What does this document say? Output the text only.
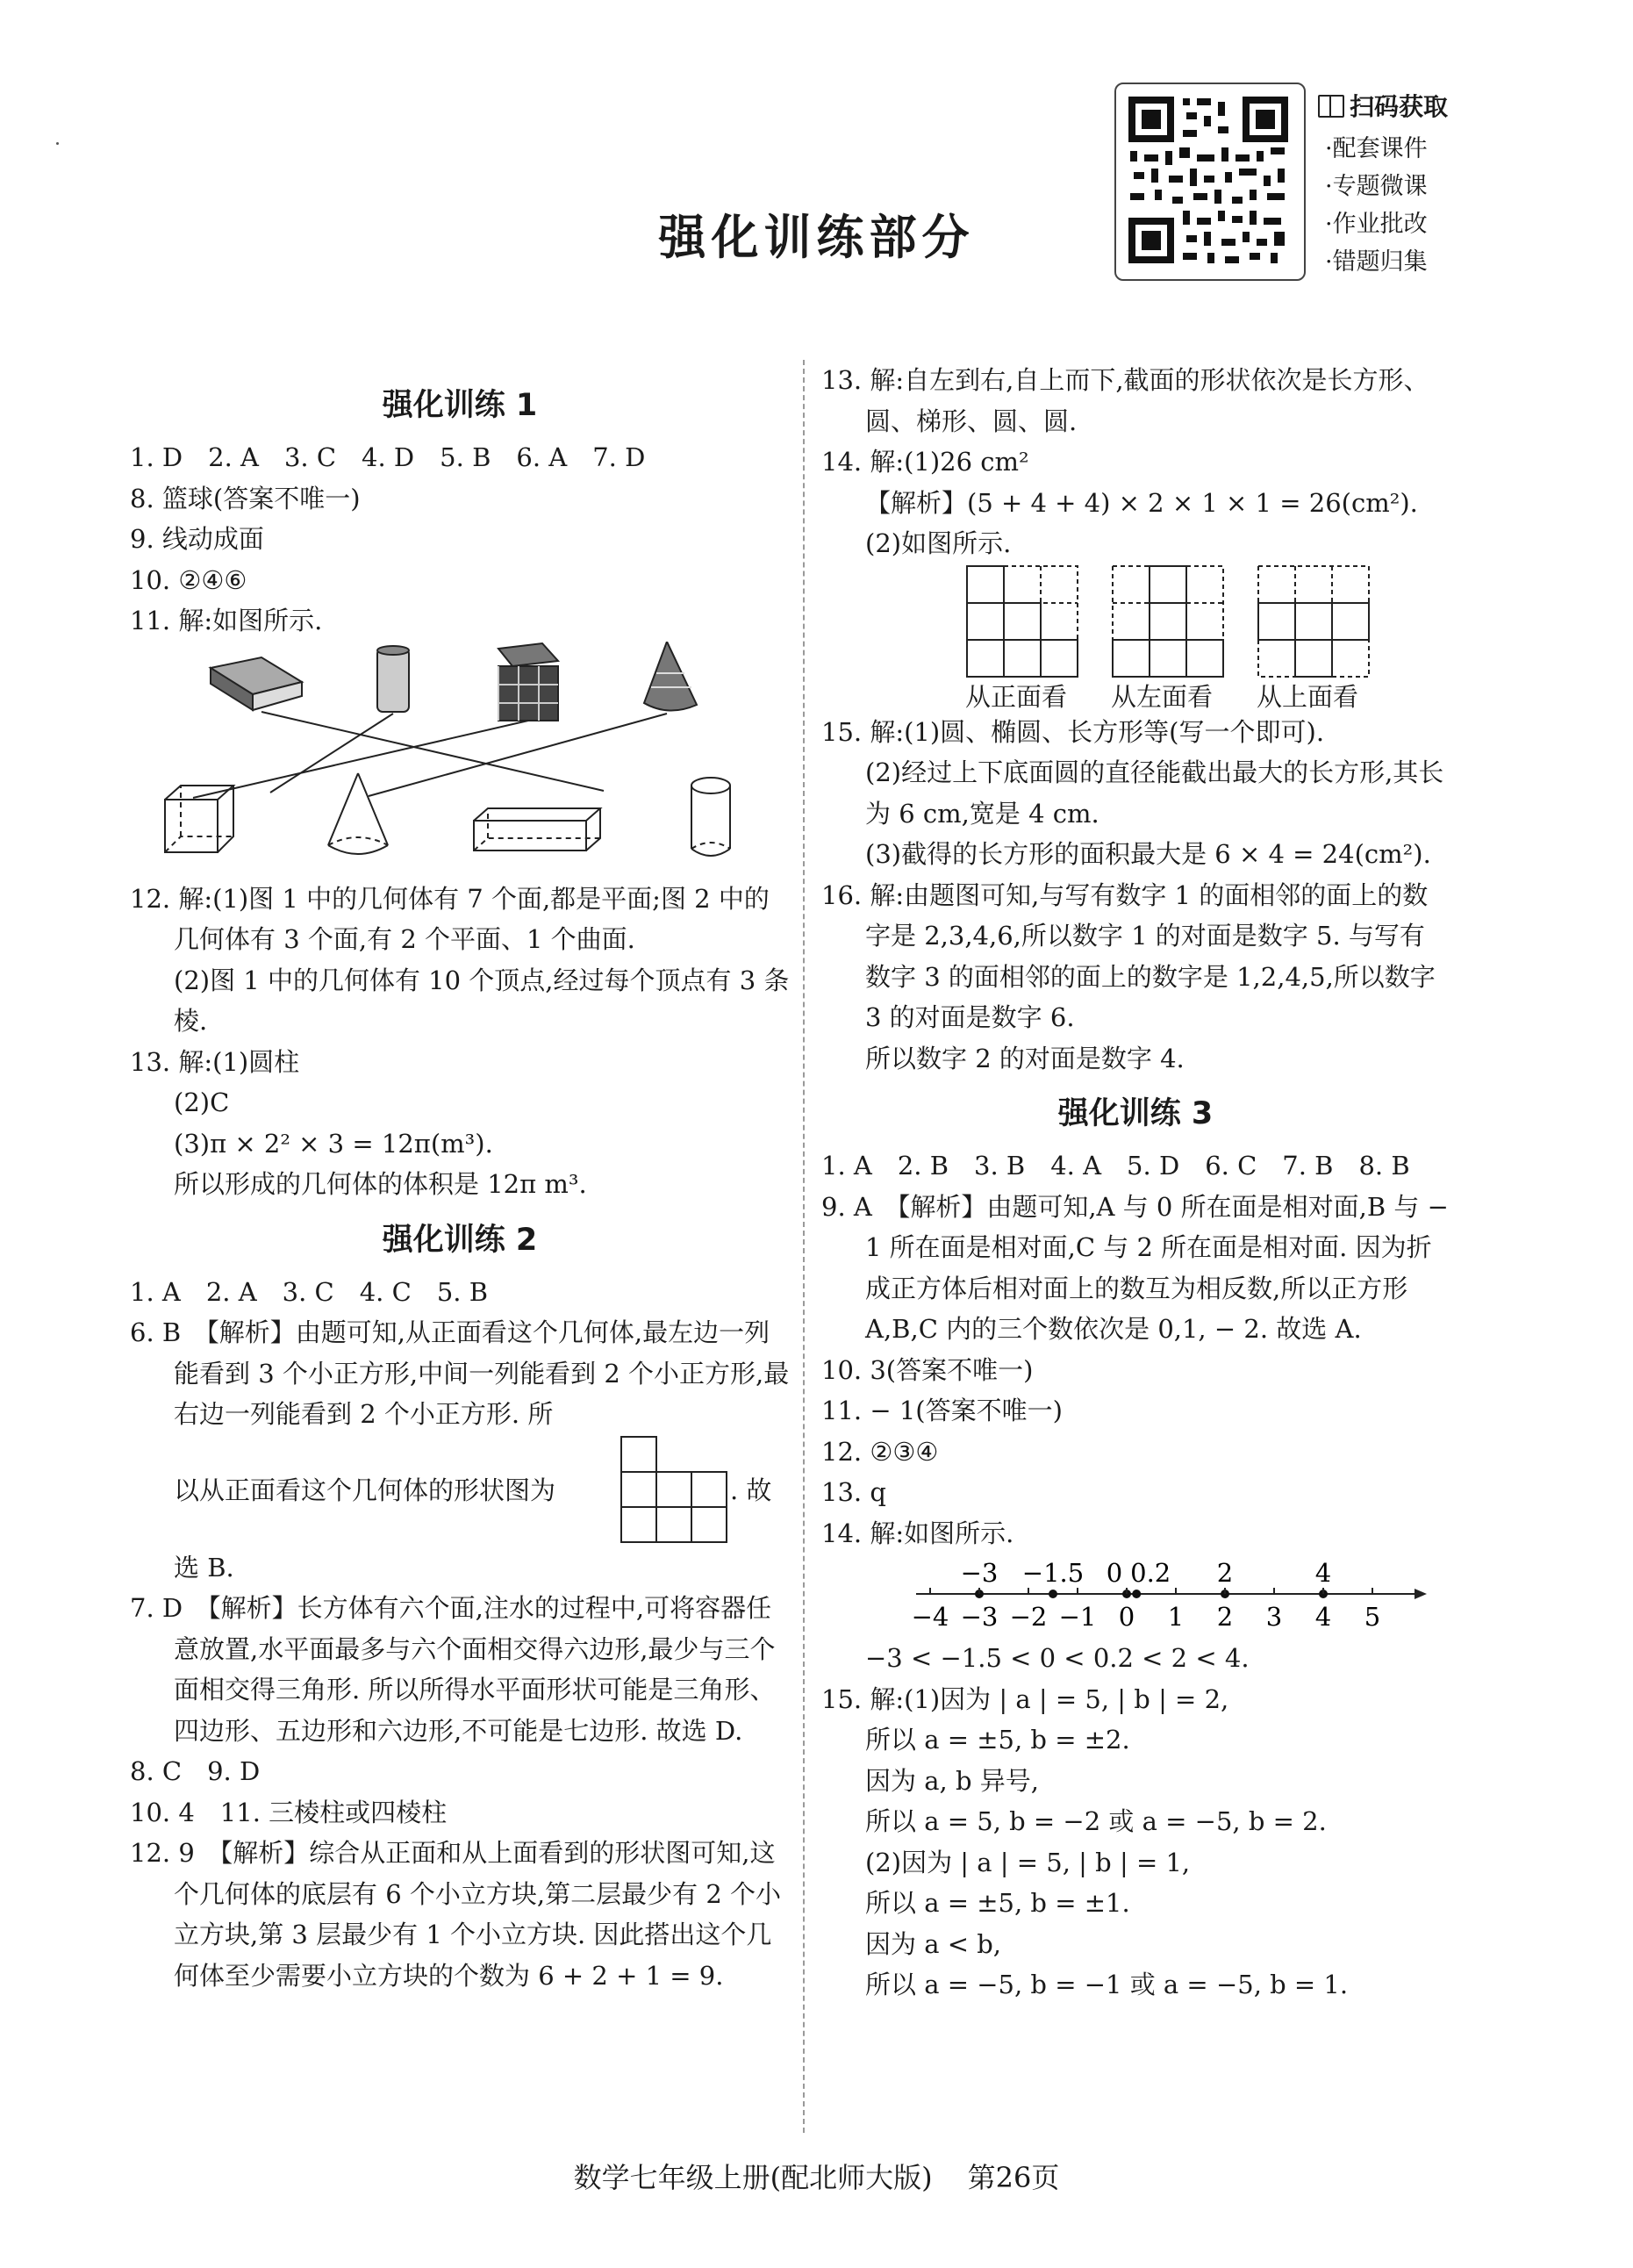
强化训练部分
扫码获取
·配套课件
·专题微课
·作业批改
·错题归集
强化训练 1
1. D　2. A　3. C　4. D　5. B　6. A　7. D
8. 篮球(答案不唯一)
9. 线动成面
10. ②④⑥
11. 解:如图所示.
12. 解:(1)图 1 中的几何体有 7 个面,都是平面;图 2 中的几何体有 3 个面,有 2 个平面、1 个曲面.
(2)图 1 中的几何体有 10 个顶点,经过每个顶点有 3 条棱.
13. 解:(1)圆柱
(2)C
(3)π × 2² × 3 = 12π(m³).
所以形成的几何体的体积是 12π m³.
强化训练 2
1. A　2. A　3. C　4. C　5. B
6. B　【解析】由题可知,从正面看这个几何体,最左边一列能看到 3 个小正方形,中间一列能看到 2 个小正方形,最右边一列能看到 2 个小正方形. 所
以从正面看这个几何体的形状图为	. 故
选 B.
7. D　【解析】长方体有六个面,注水的过程中,可将容器任意放置,水平面最多与六个面相交得六边形,最少与三个面相交得三角形. 所以所得水平面形状可能是三角形、四边形、五边形和六边形,不可能是七边形. 故选 D.
8. C　9. D
10. 4　11. 三棱柱或四棱柱
12. 9　【解析】综合从正面和从上面看到的形状图可知,这个几何体的底层有 6 个小立方块,第二层最少有 2 个小立方块,第 3 层最少有 1 个小立方块. 因此搭出这个几何体至少需要小立方块的个数为 6 + 2 + 1 = 9.
13. 解:自左到右,自上而下,截面的形状依次是长方形、圆、梯形、圆、圆.
14. 解:(1)26 cm²
【解析】(5 + 4 + 4) × 2 × 1 × 1 = 26(cm²).
(2)如图所示.
从正面看 从左面看 从上面看
15. 解:(1)圆、椭圆、长方形等(写一个即可).
(2)经过上下底面圆的直径能截出最大的长方形,其长为 6 cm,宽是 4 cm.
(3)截得的长方形的面积最大是 6 × 4 = 24(cm²).
16. 解:由题图可知,与写有数字 1 的面相邻的面上的数字是 2,3,4,6,所以数字 1 的对面是数字 5. 与写有数字 3 的面相邻的面上的数字是 1,2,4,5,所以数字 3 的对面是数字 6.
所以数字 2 的对面是数字 4.
强化训练 3
1. A　2. B　3. B　4. A　5. D　6. C　7. B　8. B
9. A　【解析】由题可知,A 与 0 所在面是相对面,B 与 − 1 所在面是相对面,C 与 2 所在面是相对面. 因为折成正方体后相对面上的数互为相反数,所以正方形 A,B,C 内的三个数依次是 0,1, − 2. 故选 A.
10. 3(答案不唯一)
11. − 1(答案不唯一)
12. ②③④
13. q
14. 解:如图所示.
−3 −1.5 0 0.2 2	4
−4 −3 −2 −1 0 1 2 3 4 5
−3 < −1.5 < 0 < 0.2 < 2 < 4.
15. 解:(1)因为 | a | = 5, | b | = 2,
所以 a = ±5, b = ±2.
因为 a, b 异号,
所以 a = 5, b = −2 或 a = −5, b = 2.
(2)因为 | a | = 5, | b | = 1,
所以 a = ±5, b = ±1.
因为 a < b,
所以 a = −5, b = −1 或 a = −5, b = 1.
数学七年级上册(配北师大版) 第26页
